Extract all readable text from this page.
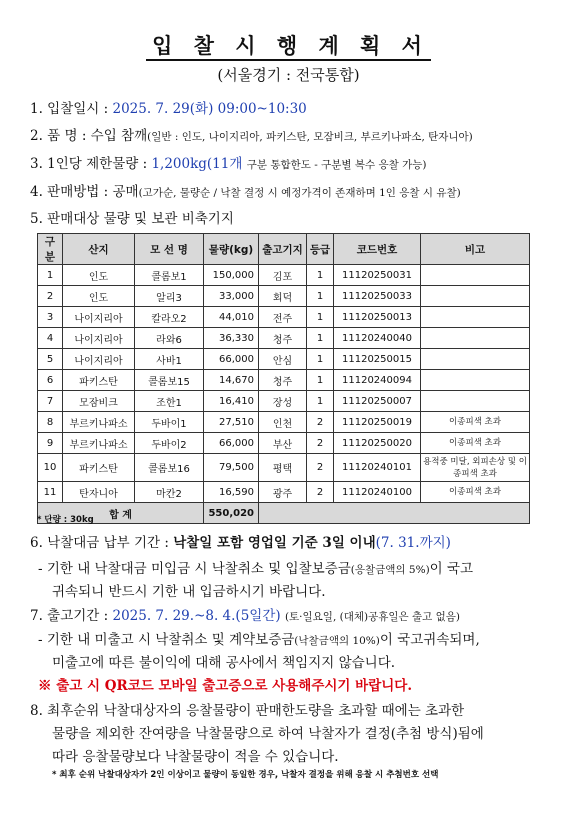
입 찰 시 행 계 획 서
(서울경기 : 전국통합)
1. 입찰일시 : 2025. 7. 29(화) 09:00~10:30
2. 품 명 : 수입 참깨(일반 : 인도, 나이지리아, 파키스탄, 모잠비크, 부르키나파소, 탄자니아)
3. 1인당 제한물량 : 1,200kg(11개 구분 통합한도 - 구분별 복수 응찰 가능)
4. 판매방법 : 공매(고가순, 물량순 / 낙찰 결정 시 예정가격이 존재하며 1인 응찰 시 유찰)
5. 판매대상 물량 및 보관 비축기지
구분	산지	모 선 명	물량(kg)	출고기지	등급	코드번호	비고
1	인도	콜롬보1	150,000	김포	1	11120250031	
2	인도	알리3	33,000	회덕	1	11120250033	
3	나이지리아	칼라오2	44,010	전주	1	11120250013	
4	나이지리아	라와6	36,330	청주	1	11120240040	
5	나이지리아	사바1	66,000	안심	1	11120250015	
6	파키스탄	콜롬보15	14,670	청주	1	11120240094	
7	모잠비크	조한1	16,410	장성	1	11120250007	
8	부르키나파소	두바이1	27,510	인천	2	11120250019	이종피색 초과
9	부르키나파소	두바이2	66,000	부산	2	11120250020	이종피색 초과
10	파키스탄	콜롬보16	79,500	평택	2	11120240101	용적중 미달, 외피손상 및 이종피색 초과
11	탄자니아	마칸2	16,590	광주	2	11120240100	이종피색 초과
합 계			550,020				
* 단량 : 30kg
6. 낙찰대금 납부 기간 : 낙찰일 포함 영업일 기준 3일 이내(7. 31.까지)
- 기한 내 낙찰대금 미입금 시 낙찰취소 및 입찰보증금(응찰금액의 5%)이 국고
귀속되니 반드시 기한 내 입금하시기 바랍니다.
7. 출고기간 : 2025. 7. 29.~8. 4.(5일간) (토·일요일, (대체)공휴일은 출고 없음)
- 기한 내 미출고 시 낙찰취소 및 계약보증금(낙찰금액의 10%)이 국고귀속되며,
미출고에 따른 불이익에 대해 공사에서 책임지지 않습니다.
※ 출고 시 QR코드 모바일 출고증으로 사용해주시기 바랍니다.
8. 최후순위 낙찰대상자의 응찰물량이 판매한도량을 초과할 때에는 초과한
물량을 제외한 잔여량을 낙찰물량으로 하여 낙찰자가 결정(추첨 방식)됨에
따라 응찰물량보다 낙찰물량이 적을 수 있습니다.
* 최후 순위 낙찰대상자가 2인 이상이고 물량이 동일한 경우, 낙찰자 결정을 위해 응찰 시 추첨번호 선택
